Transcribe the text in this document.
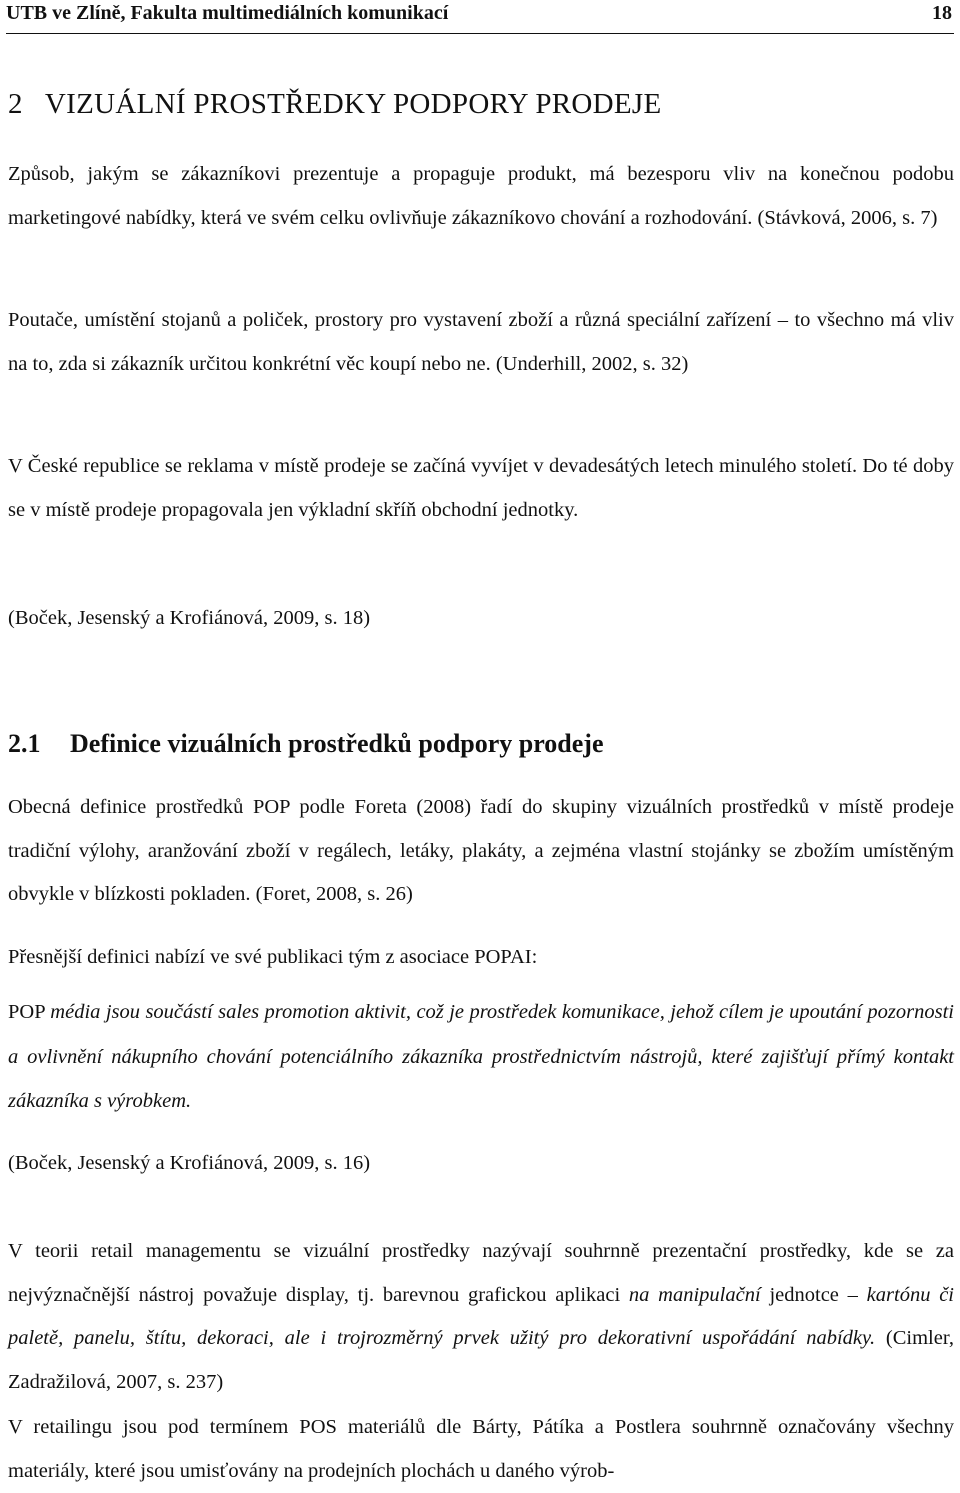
UTB ve Zlíně, Fakulta multimediálních komunikací	18
2   VIZUÁLNÍ PROSTŘEDKY PODPORY PRODEJE

Způsob, jakým se zákazníkovi prezentuje a propaguje produkt, má bezesporu vliv na konečnou podobu marketingové nabídky, která ve svém celku ovlivňuje zákazníkovo chování a rozhodování. (Stávková, 2006, s. 7)

Poutače, umístění stojanů a poliček, prostory pro vystavení zboží a různá speciální zařízení – to všechno má vliv na to, zda si zákazník určitou konkrétní věc koupí nebo ne. (Underhill, 2002, s. 32)

V České republice se reklama v místě prodeje se začíná vyvíjet v devadesátých letech minulého století. Do té doby se v místě prodeje propagovala jen výkladní skříň obchodní jednotky.

(Boček, Jesenský a Krofiánová, 2009, s. 18)

2.1 Definice vizuálních prostředků podpory prodeje

Obecná definice prostředků POP podle Foreta (2008) řadí do skupiny vizuálních prostředků v místě prodeje tradiční výlohy, aranžování zboží v regálech, letáky, plakáty, a zejména vlastní stojánky se zbožím umístěným obvykle v blízkosti pokladen. (Foret, 2008, s. 26)

Přesnější definici nabízí ve své publikaci tým z asociace POPAI:

POP média jsou součástí sales promotion aktivit, což je prostředek komunikace, jehož cílem je upoutání pozornosti a ovlivnění nákupního chování potenciálního zákazníka prostřednictvím nástrojů, které zajišťují přímý kontakt zákazníka s výrobkem.

(Boček, Jesenský a Krofiánová, 2009, s. 16)

V teorii retail managementu se vizuální prostředky nazývají souhrnně prezentační prostředky, kde se za nejvýznačnější nástroj považuje display, tj. barevnou grafickou aplikaci na manipulační jednotce – kartónu či paletě, panelu, štítu, dekoraci, ale i trojrozměrný prvek užitý pro dekorativní uspořádání nabídky. (Cimler, Zadražilová, 2007, s. 237)

V retailingu jsou pod termínem POS materiálů dle Bárty, Pátíka a Postlera souhrnně označovány všechny materiály, které jsou umisťovány na prodejních plochách u daného výrob-
